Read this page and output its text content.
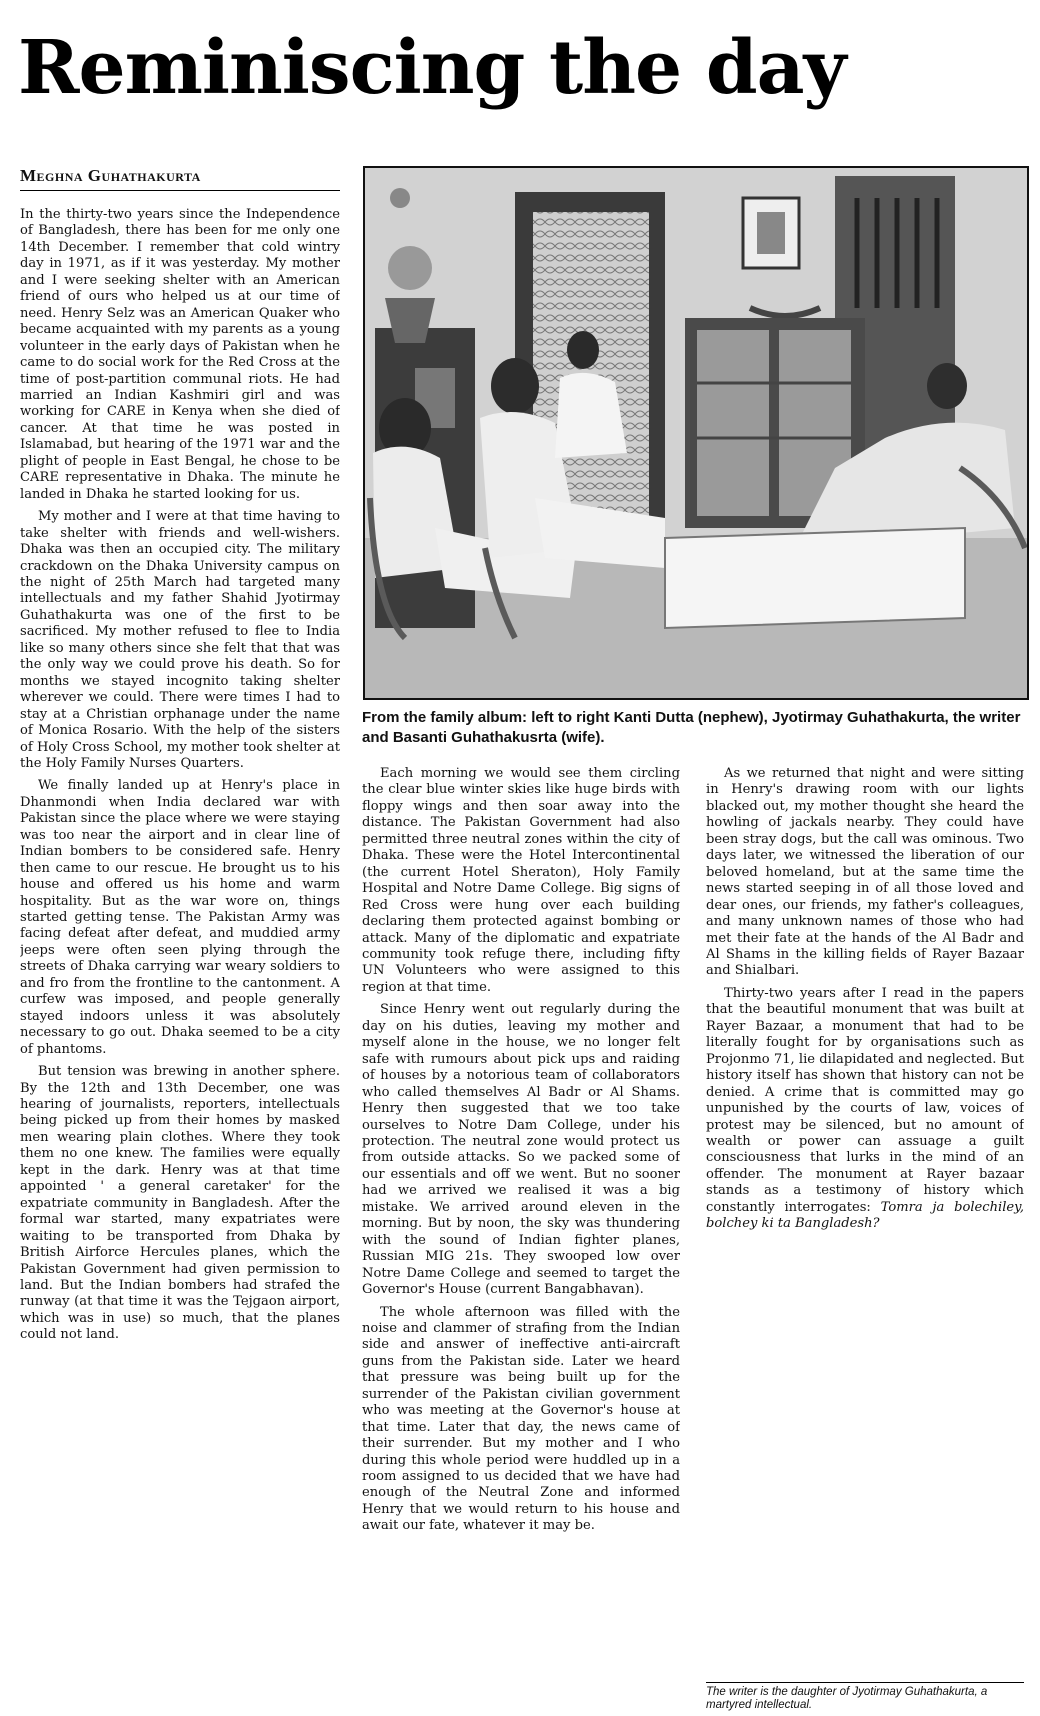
Reminiscing the day
Meghna Guhathakurta

From the family album: left to right Kanti Dutta (nephew), Jyotirmay Guhathakurta, the writer and Basanti Guhathakusrta (wife).

In the thirty-two years since the Independence of Bangladesh, there has been for me only one 14th December. I remember that cold wintry day in 1971, as if it was yesterday. My mother and I were seeking shelter with an American friend of ours who helped us at our time of need. Henry Selz was an American Quaker who became acquainted with my parents as a young volunteer in the early days of Pakistan when he came to do social work for the Red Cross at the time of post-partition communal riots. He had married an Indian Kashmiri girl and was working for CARE in Kenya when she died of cancer. At that time he was posted in Islamabad, but hearing of the 1971 war and the plight of people in East Bengal, he chose to be CARE representative in Dhaka. The minute he landed in Dhaka he started looking for us.

My mother and I were at that time having to take shelter with friends and well-wishers. Dhaka was then an occupied city. The military crackdown on the Dhaka University campus on the night of 25th March had targeted many intellectuals and my father Shahid Jyotirmay Guhathakurta was one of the first to be sacrificed. My mother refused to flee to India like so many others since she felt that that was the only way we could prove his death. So for months we stayed incognito taking shelter wherever we could. There were times I had to stay at a Christian orphanage under the name of Monica Rosario. With the help of the sisters of Holy Cross School, my mother took shelter at the Holy Family Nurses Quarters.

We finally landed up at Henry's place in Dhanmondi when India declared war with Pakistan since the place where we were staying was too near the airport and in clear line of Indian bombers to be considered safe. Henry then came to our rescue. He brought us to his house and offered us his home and warm hospitality. But as the war wore on, things started getting tense. The Pakistan Army was facing defeat after defeat, and muddied army jeeps were often seen plying through the streets of Dhaka carrying war weary soldiers to and fro from the frontline to the cantonment. A curfew was imposed, and people generally stayed indoors unless it was absolutely necessary to go out. Dhaka seemed to be a city of phantoms.

But tension was brewing in another sphere. By the 12th and 13th December, one was hearing of journalists, reporters, intellectuals being picked up from their homes by masked men wearing plain clothes. Where they took them no one knew. The families were equally kept in the dark. Henry was at that time appointed ' a general caretaker' for the expatriate community in Bangladesh. After the formal war started, many expatriates were waiting to be transported from Dhaka by British Airforce Hercules planes, which the Pakistan Government had given permission to land. But the Indian bombers had strafed the runway (at that time it was the Tejgaon airport, which was in use) so much, that the planes could not land.

Each morning we would see them circling the clear blue winter skies like huge birds with floppy wings and then soar away into the distance. The Pakistan Government had also permitted three neutral zones within the city of Dhaka. These were the Hotel Intercontinental (the current Hotel Sheraton), Holy Family Hospital and Notre Dame College. Big signs of Red Cross were hung over each building declaring them protected against bombing or attack. Many of the diplomatic and expatriate community took refuge there, including fifty UN Volunteers who were assigned to this region at that time.

Since Henry went out regularly during the day on his duties, leaving my mother and myself alone in the house, we no longer felt safe with rumours about pick ups and raiding of houses by a notorious team of collaborators who called themselves Al Badr or Al Shams. Henry then suggested that we too take ourselves to Notre Dam College, under his protection. The neutral zone would protect us from outside attacks. So we packed some of our essentials and off we went. But no sooner had we arrived we realised it was a big mistake. We arrived around eleven in the morning. But by noon, the sky was thundering with the sound of Indian fighter planes, Russian MIG 21s. They swooped low over Notre Dame College and seemed to target the Governor's House (current Bangabhavan).

The whole afternoon was filled with the noise and clammer of strafing from the Indian side and answer of ineffective anti-aircraft guns from the Pakistan side. Later we heard that pressure was being built up for the surrender of the Pakistan civilian government who was meeting at the Governor's house at that time. Later that day, the news came of their surrender. But my mother and I who during this whole period were huddled up in a room assigned to us decided that we have had enough of the Neutral Zone and informed Henry that we would return to his house and await our fate, whatever it may be.

As we returned that night and were sitting in Henry's drawing room with our lights blacked out, my mother thought she heard the howling of jackals nearby. They could have been stray dogs, but the call was ominous. Two days later, we witnessed the liberation of our beloved homeland, but at the same time the news started seeping in of all those loved and dear ones, our friends, my father's colleagues, and many unknown names of those who had met their fate at the hands of the Al Badr and Al Shams in the killing fields of Rayer Bazaar and Shialbari.

Thirty-two years after I read in the papers that the beautiful monument that was built at Rayer Bazaar, a monument that had to be literally fought for by organisations such as Projonmo 71, lie dilapidated and neglected. But history itself has shown that history can not be denied. A crime that is committed may go unpunished by the courts of law, voices of protest may be silenced, but no amount of wealth or power can assuage a guilt consciousness that lurks in the mind of an offender. The monument at Rayer bazaar stands as a testimony of history which constantly interrogates: Tomra ja bolechiley, bolchey ki ta Bangladesh?

The writer is the daughter of Jyotirmay Guhathakurta, a martyred intellectual.
